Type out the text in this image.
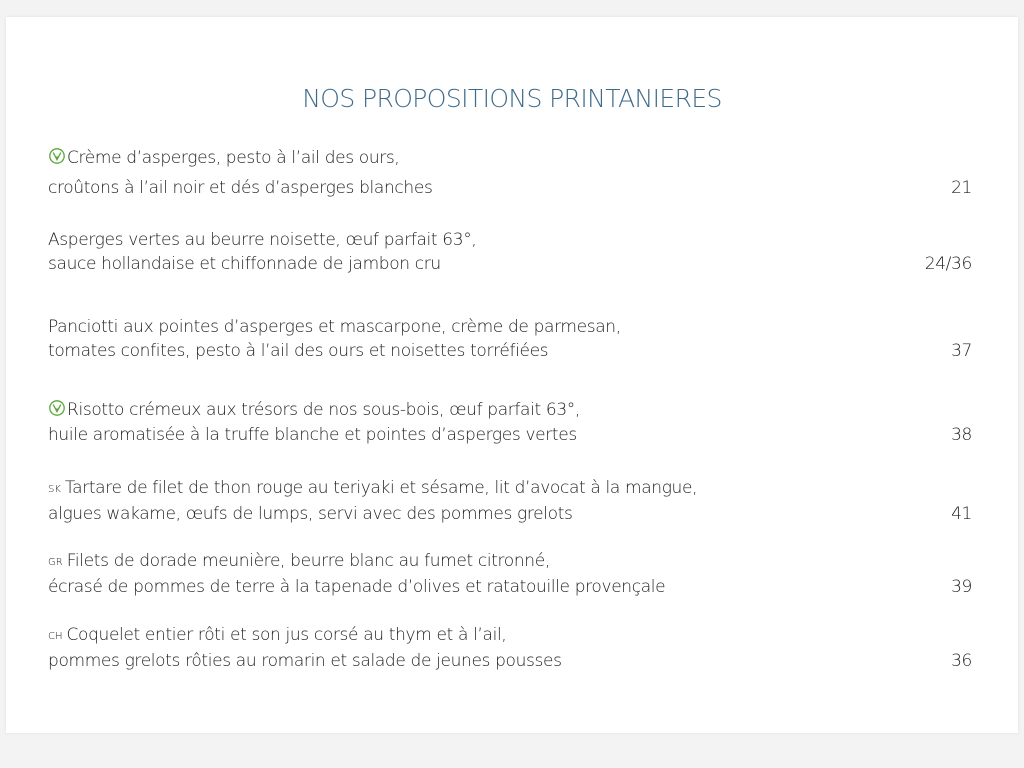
NOS PROPOSITIONS PRINTANIERES
Crème d’asperges, pesto à l’ail des ours,
croûtons à l’ail noir et dés d’asperges blanches	21
Asperges vertes au beurre noisette, œuf parfait 63°,
sauce hollandaise et chiffonnade de jambon cru	24/36
Panciotti aux pointes d’asperges et mascarpone, crème de parmesan,
tomates confites, pesto à l’ail des ours et noisettes torréfiées	37
Risotto crémeux aux trésors de nos sous-bois, œuf parfait 63°,
huile aromatisée à la truffe blanche et pointes d’asperges vertes	38
SK Tartare de filet de thon rouge au teriyaki et sésame, lit d’avocat à la mangue,
algues wakame, œufs de lumps, servi avec des pommes grelots	41
GR Filets de dorade meunière, beurre blanc au fumet citronné,
écrasé de pommes de terre à la tapenade d’olives et ratatouille provençale	39
CH Coquelet entier rôti et son jus corsé au thym et à l’ail,
pommes grelots rôties au romarin et salade de jeunes pousses	36
